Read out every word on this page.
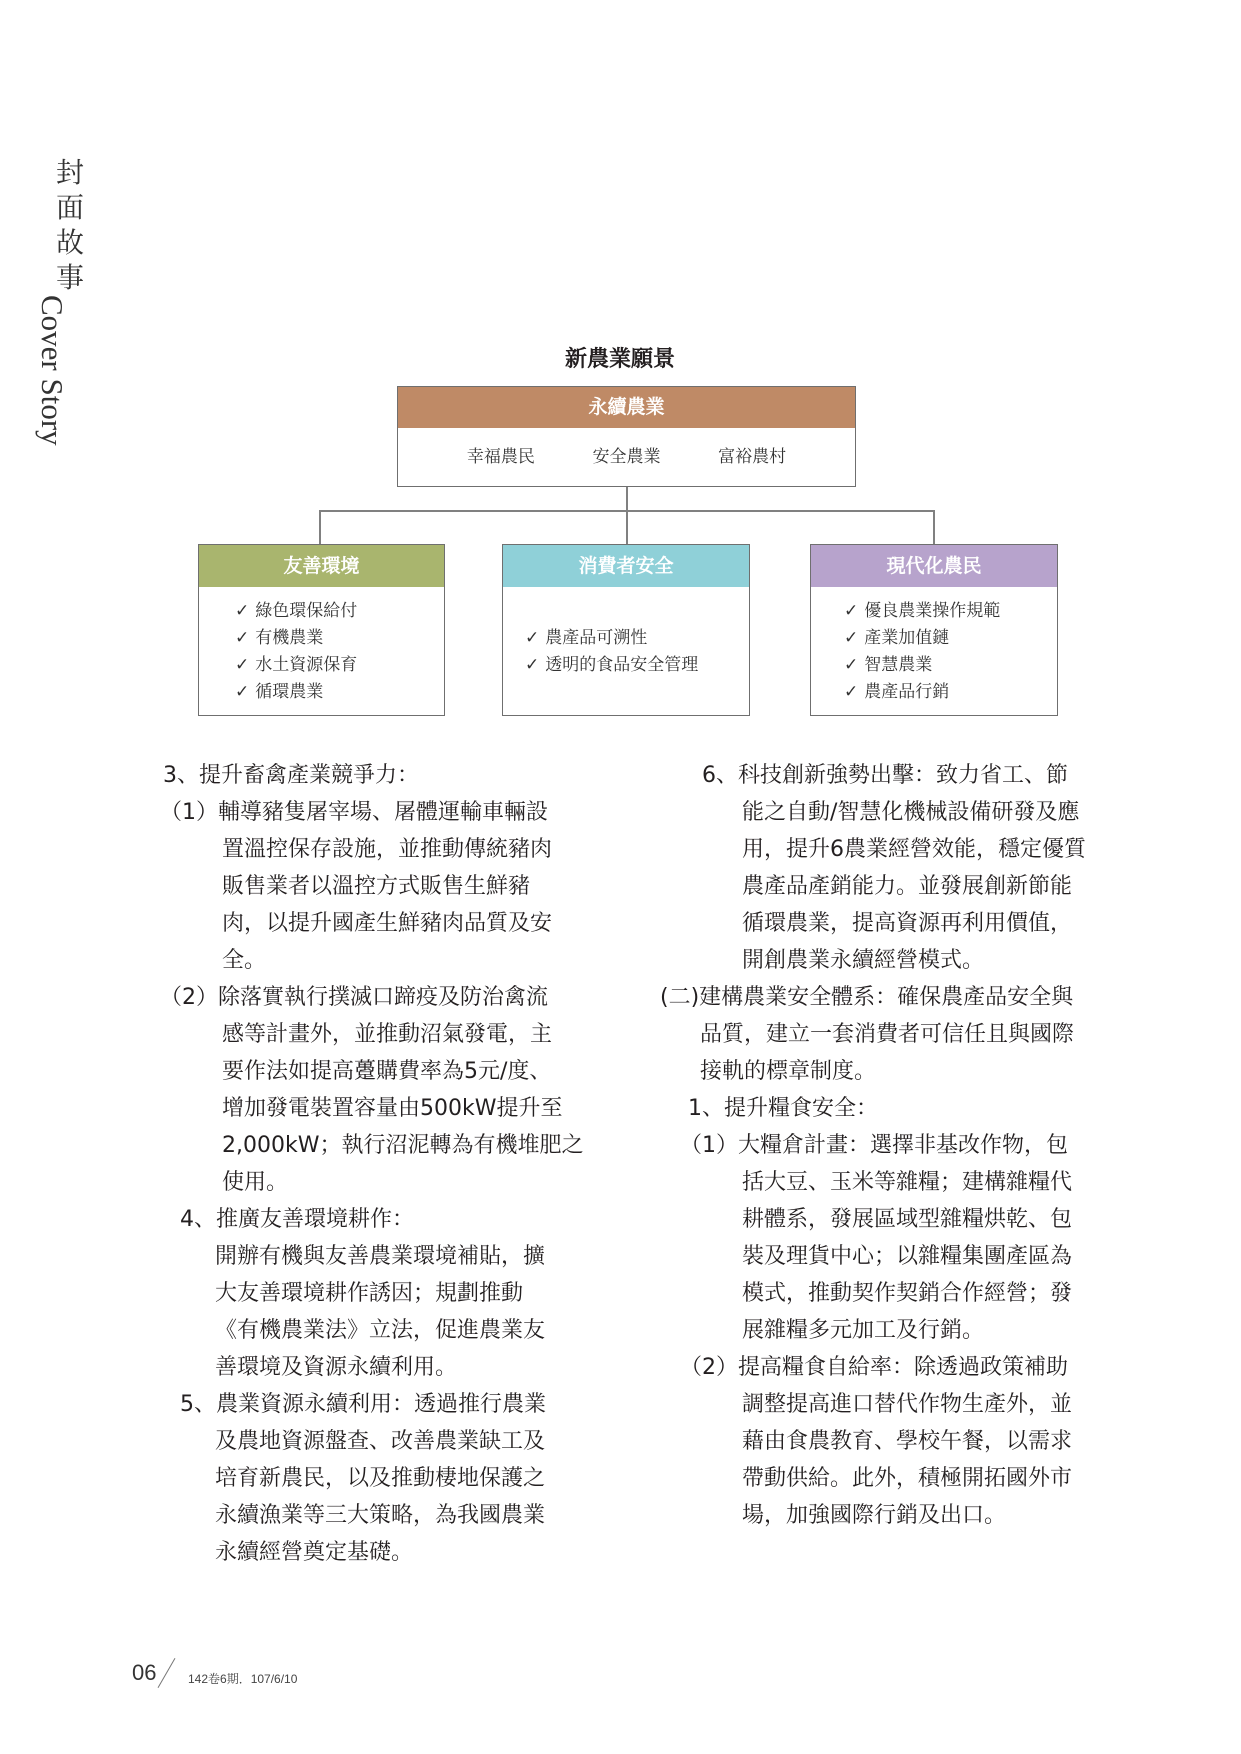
封
面
故
事
Cover Story	新農業願景
永續農業
幸福農民	安全農業	富裕農村
友善環境
✓ 綠色環保給付
✓ 有機農業
✓ 水土資源保育
✓ 循環農業
消費者安全
✓ 農產品可溯性
✓ 透明的食品安全管理
現代化農民
✓ 優良農業操作規範
✓ 產業加值鏈
✓ 智慧農業
✓ 農產品行銷

3、提升畜禽產業競爭力：

（1）輔導豬隻屠宰場、屠體運輸車輛設

置溫控保存設施，並推動傳統豬肉

販售業者以溫控方式販售生鮮豬

肉，以提升國產生鮮豬肉品質及安

全。

（2）除落實執行撲滅口蹄疫及防治禽流

感等計畫外，並推動沼氣發電，主

要作法如提高躉購費率為5元/度、

增加發電裝置容量由500kW提升至

2,000kW；執行沼泥轉為有機堆肥之

使用。

4、推廣友善環境耕作：

開辦有機與友善農業環境補貼，擴

大友善環境耕作誘因；規劃推動

《有機農業法》立法，促進農業友

善環境及資源永續利用。

5、農業資源永續利用：透過推行農業

及農地資源盤查、改善農業缺工及

培育新農民，以及推動棲地保護之

永續漁業等三大策略，為我國農業

永續經營奠定基礎。

6、科技創新強勢出擊：致力省工、節

能之自動/智慧化機械設備研發及應

用，提升6農業經營效能，穩定優質

農產品產銷能力。並發展創新節能

循環農業，提高資源再利用價值，

開創農業永續經營模式。

(二)建構農業安全體系：確保農產品安全與

品質，建立一套消費者可信任且與國際

接軌的標章制度。

1、提升糧食安全：

（1）大糧倉計畫：選擇非基改作物，包

括大豆、玉米等雜糧；建構雜糧代

耕體系，發展區域型雜糧烘乾、包

裝及理貨中心；以雜糧集團產區為

模式，推動契作契銷合作經營；發

展雜糧多元加工及行銷。

（2）提高糧食自給率：除透過政策補助

調整提高進口替代作物生產外，並

藉由食農教育、學校午餐，以需求

帶動供給。此外，積極開拓國外市

場，加強國際行銷及出口。

06	142卷6期．107/6/10
